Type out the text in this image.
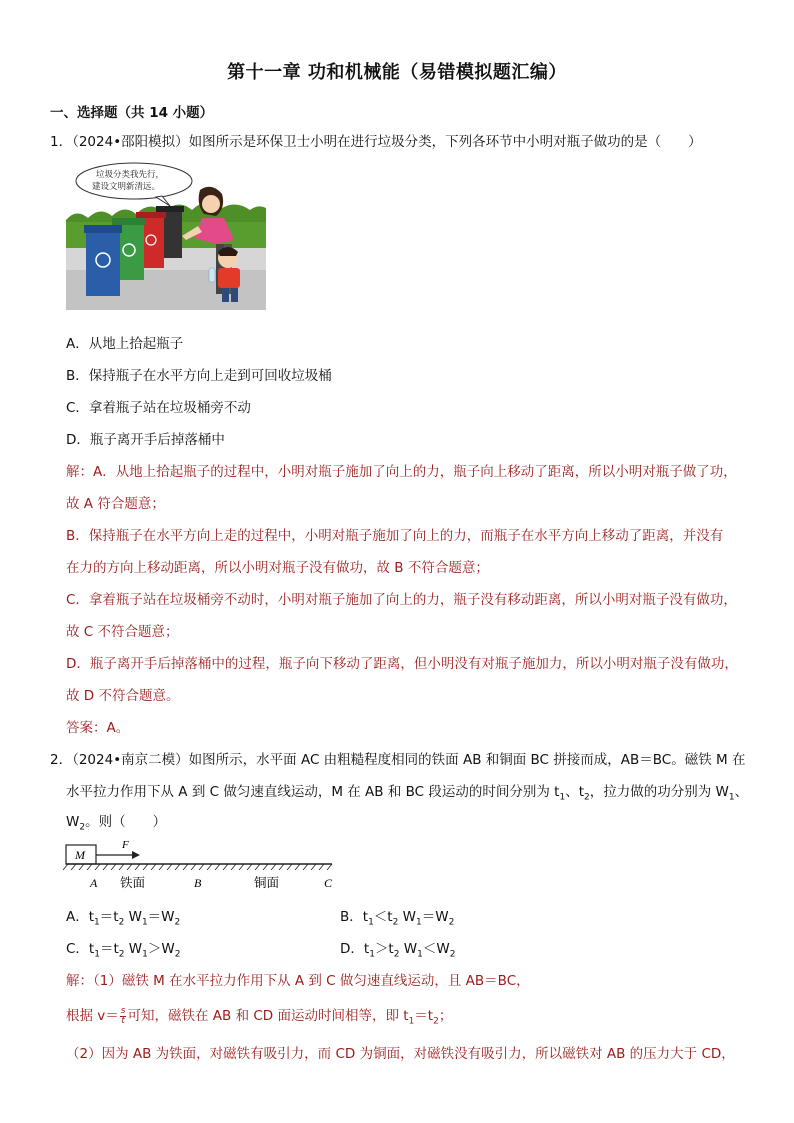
第十一章 功和机械能（易错模拟题汇编）
一、选择题（共 14 小题）
1．（2024•邵阳模拟）如图所示是环保卫士小明在进行垃圾分类，下列各环节中小明对瓶子做功的是（　　）
垃圾分类我先行，
建设文明新清远。
A．从地上拾起瓶子
B．保持瓶子在水平方向上走到可回收垃圾桶
C．拿着瓶子站在垃圾桶旁不动
D．瓶子离开手后掉落桶中
解：A．从地上拾起瓶子的过程中，小明对瓶子施加了向上的力，瓶子向上移动了距离，所以小明对瓶子做了功，
故 A 符合题意；
B．保持瓶子在水平方向上走的过程中，小明对瓶子施加了向上的力，而瓶子在水平方向上移动了距离，并没有
在力的方向上移动距离，所以小明对瓶子没有做功，故 B 不符合题意；
C．拿着瓶子站在垃圾桶旁不动时，小明对瓶子施加了向上的力，瓶子没有移动距离，所以小明对瓶子没有做功，
故 C 不符合题意；
D．瓶子离开手后掉落桶中的过程，瓶子向下移动了距离，但小明没有对瓶子施加力，所以小明对瓶子没有做功，
故 D 不符合题意。
答案：A。
2．（2024•南京二模）如图所示，水平面 AC 由粗糙程度相同的铁面 AB 和铜面 BC 拼接而成，AB＝BC。磁铁 M 在
水平拉力作用下从 A 到 C 做匀速直线运动，M 在 AB 和 BC 段运动的时间分别为 $t_1$、$t_2$，拉力做的功分别为 $W_1$、
$W_2$。则（　　）
M
F
A 铁面	B	铜面	C
A．$t_1=t_2$ $W_1=W_2$	B．$t_1<t_2$ $W_1=W_2$
C．$t_1=t_2$ $W_1>W_2$	D．$t_1>t_2$ $W_1<W_2$
解：（1）磁铁 M 在水平拉力作用下从 A 到 C 做匀速直线运动，且 AB＝BC，
根据 $v= \frac{s}{t}$ 可知，磁铁在 AB 和 CD 面运动时间相等，即 $t_1=t_2$；
（2）因为 AB 为铁面，对磁铁有吸引力，而 CD 为铜面，对磁铁没有吸引力，所以磁铁对 AB 的压力大于 CD，
